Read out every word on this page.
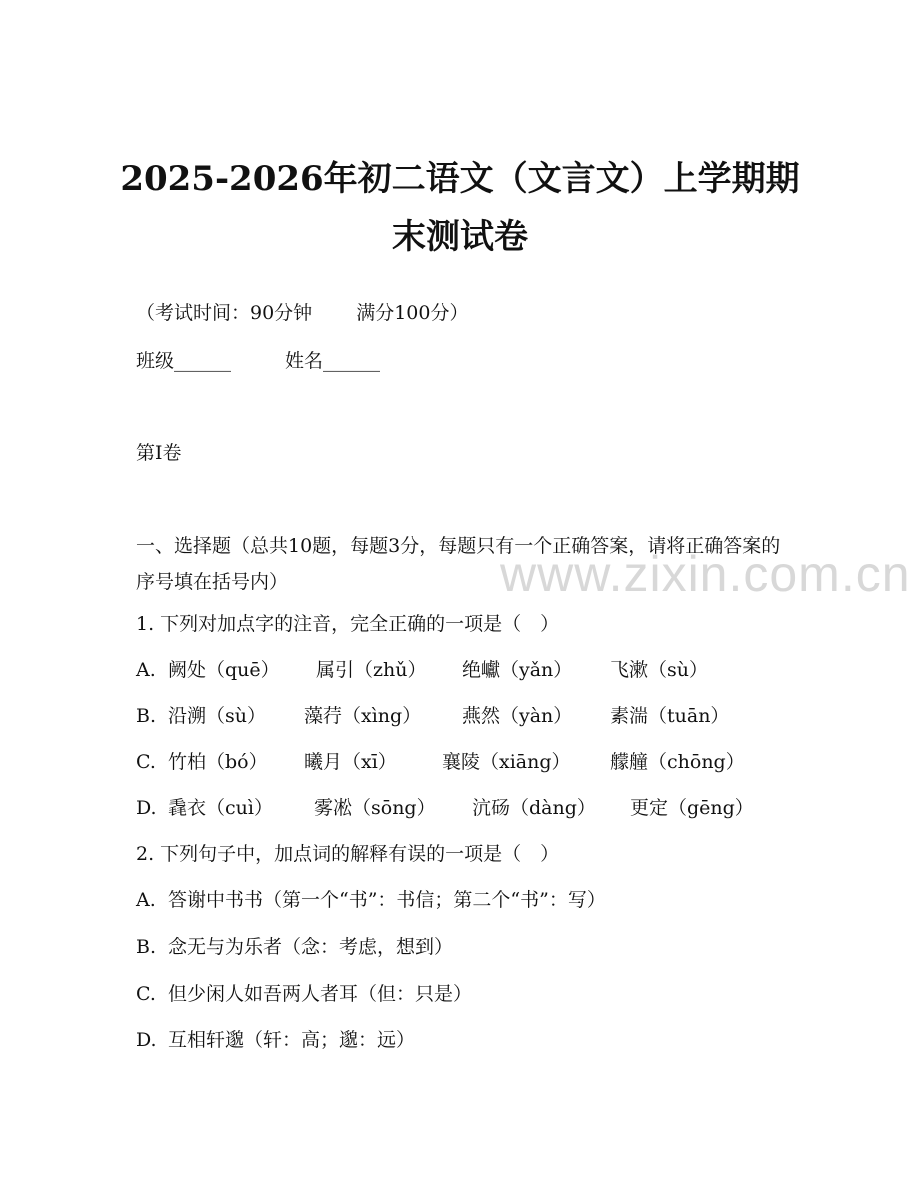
2025-2026年初二语文（文言文）上学期期
末测试卷
（考试时间：90分钟 满分100分）
班级______	姓名______
第I卷
一、选择题（总共10题，每题3分，每题只有一个正确答案，请将正确答案的序号填在括号内）
1. 下列对加点字的注音，完全正确的一项是（　）
A. 阙处（quē） 属引（zhǔ） 绝巘（yǎn） 飞漱（sù）
B. 沿溯（sù） 藻荇（xìng） 燕然（yàn） 素湍（tuān）
C. 竹柏（bó） 曦月（xī） 襄陵（xiāng） 艨艟（chōng）
D. 毳衣（cuì） 雾凇（sōng） 沆砀（dàng） 更定（gēng）
2. 下列句子中，加点词的解释有误的一项是（　）
A. 答谢中书书（第一个“书”：书信；第二个“书”：写）
B. 念无与为乐者（念：考虑，想到）
C. 但少闲人如吾两人者耳（但：只是）
D. 互相轩邈（轩：高；邈：远）
www.zixin.com.cn
